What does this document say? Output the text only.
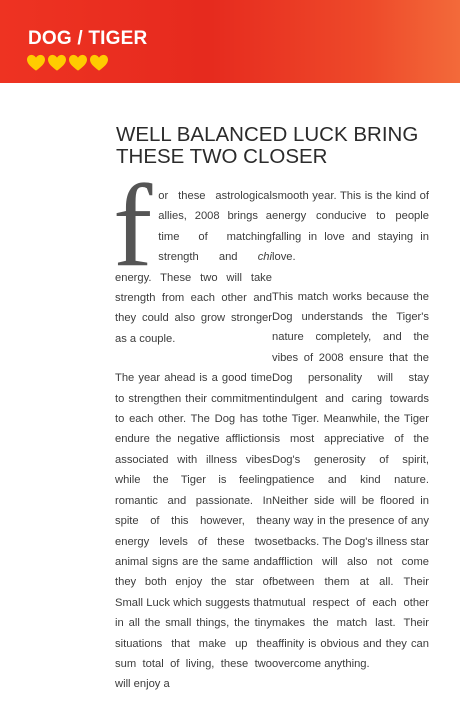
DOG / TIGER
WELL BALANCED LUCK BRING THESE TWO CLOSER

for these astrological allies, 2008 brings a time of matching strength and chi energy. These two will take strength from each other and they could also grow stronger as a couple.

The year ahead is a good time to strengthen their commitment to each other. The Dog has to endure the negative afflictions associated with illness vibes while the Tiger is feeling romantic and passionate. In spite of this however, the energy levels of these two animal signs are the same and they both enjoy the star of Small Luck which suggests that in all the small things, the tiny situations that make up the sum total of living, these two will enjoy a

smooth year. This is the kind of energy conducive to people falling in love and staying in love.

This match works because the Dog understands the Tiger's nature completely, and the vibes of 2008 ensure that the Dog personality will stay indulgent and caring towards the Tiger. Meanwhile, the Tiger is most appreciative of the Dog's generosity of spirit, patience and kind nature. Neither side will be floored in any way in the presence of any setbacks. The Dog's illness star affliction will also not come between them at all. Their mutual respect of each other makes the match last. Their affinity is obvious and they can overcome anything.
